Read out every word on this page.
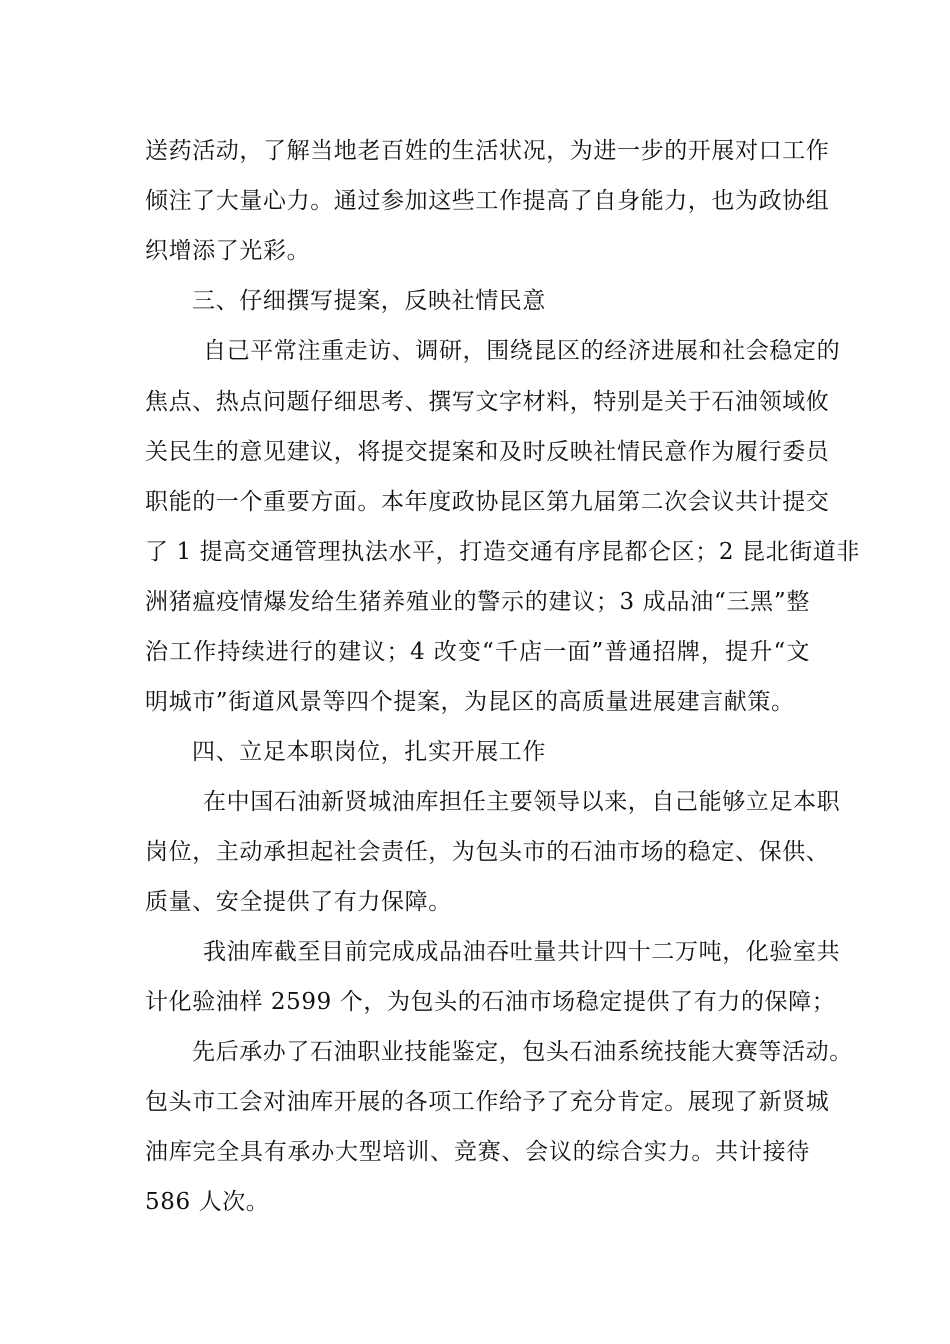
送药活动，了解当地老百姓的生活状况，为进一步的开展对口工作

倾注了大量心力。通过参加这些工作提高了自身能力，也为政协组

织增添了光彩。

三、仔细撰写提案，反映社情民意

自己平常注重走访、调研，围绕昆区的经济进展和社会稳定的

焦点、热点问题仔细思考、撰写文字材料，特别是关于石油领域攸

关民生的意见建议，将提交提案和及时反映社情民意作为履行委员

职能的一个重要方面。本年度政协昆区第九届第二次会议共计提交

了 1 提高交通管理执法水平，打造交通有序昆都仑区；2 昆北街道非

洲猪瘟疫情爆发给生猪养殖业的警示的建议；3 成品油“三黑”整

治工作持续进行的建议；4 改变“千店一面”普通招牌，提升“文

明城市”街道风景等四个提案，为昆区的高质量进展建言献策。

四、立足本职岗位，扎实开展工作

在中国石油新贤城油库担任主要领导以来，自己能够立足本职

岗位，主动承担起社会责任，为包头市的石油市场的稳定、保供、

质量、安全提供了有力保障。

我油库截至目前完成成品油吞吐量共计四十二万吨，化验室共

计化验油样 2599 个，为包头的石油市场稳定提供了有力的保障；

先后承办了石油职业技能鉴定，包头石油系统技能大赛等活动。

包头市工会对油库开展的各项工作给予了充分肯定。展现了新贤城

油库完全具有承办大型培训、竞赛、会议的综合实力。共计接待

586 人次。
